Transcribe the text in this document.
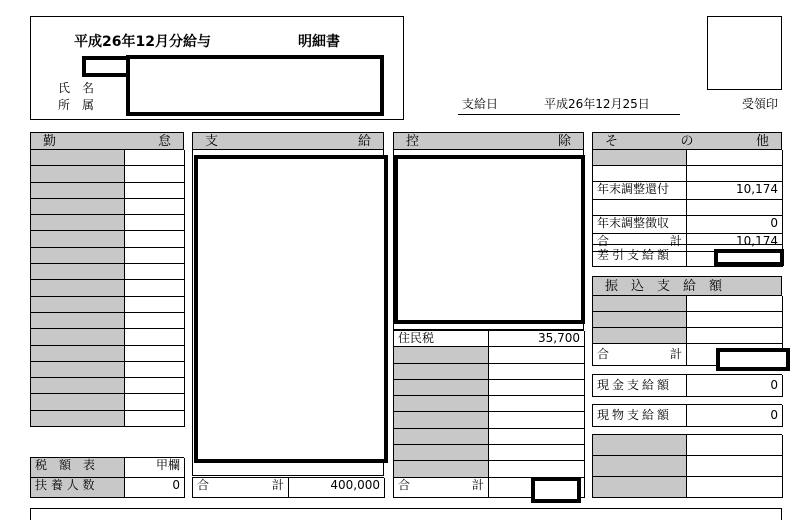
平成26年12月分給与	明細書
氏　名
所　属	支給日	平成26年12月25日	受領印
勤	怠
税　額　表	甲欄
扶 養 人 数	0
支	給
合	計	400,000
控	除
住民税	35,700
合	計
そ	の	他
年末調整還付	10,174
年末調整徴収	0
合	計	10,174
差引支給額
振　込　支　給　額
合	計
現金支給額	0
現物支給額	0
